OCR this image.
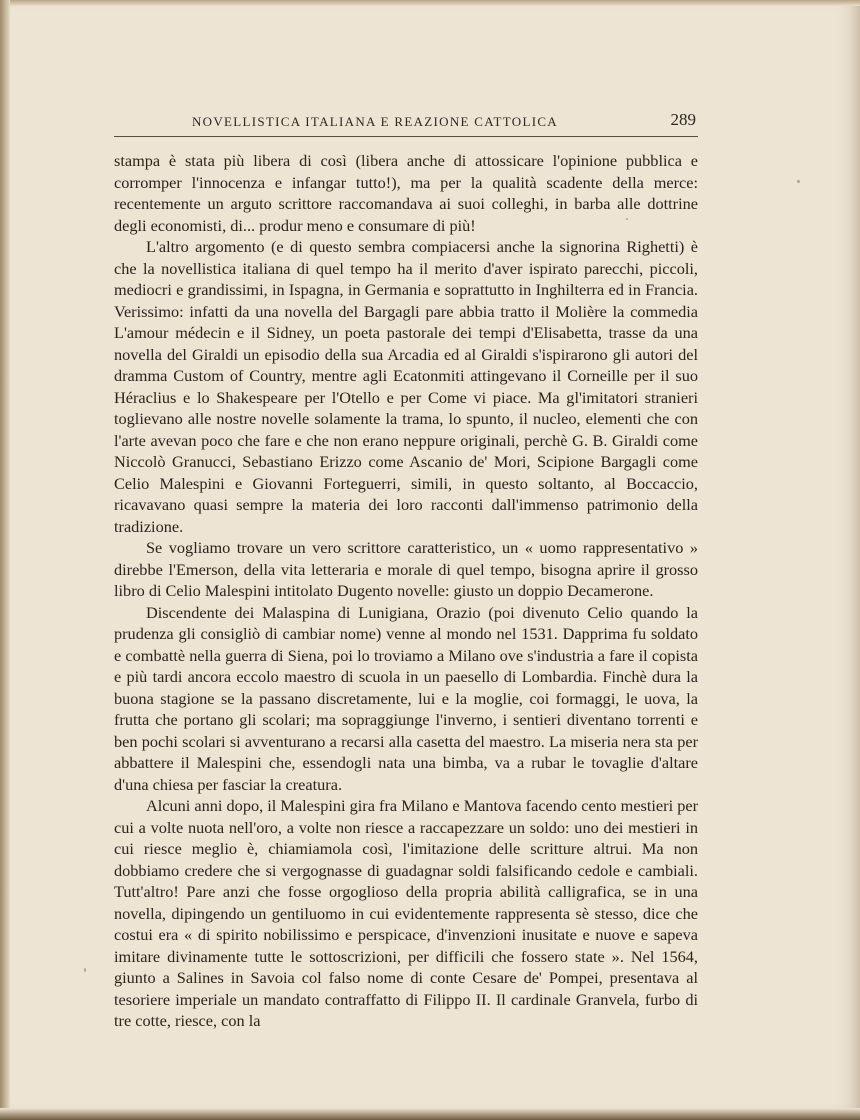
NOVELLISTICA ITALIANA E REAZIONE CATTOLICA	289

stampa è stata più libera di così (libera anche di attossicare l'opinione pubblica e corromper l'innocenza e infangar tutto!), ma per la qualità scadente della merce: recentemente un arguto scrittore raccomandava ai suoi colleghi, in barba alle dottrine degli economisti, di... produr meno e consumare di più!

L'altro argomento (e di questo sembra compiacersi anche la signorina Righetti) è che la novellistica italiana di quel tempo ha il merito d'aver ispirato parecchi, piccoli, mediocri e grandissimi, in Ispagna, in Germania e soprattutto in Inghilterra ed in Francia. Verissimo: infatti da una novella del Bargagli pare abbia tratto il Molière la commedia L'amour médecin e il Sidney, un poeta pastorale dei tempi d'Elisabetta, trasse da una novella del Giraldi un episodio della sua Arcadia ed al Giraldi s'ispirarono gli autori del dramma Custom of Country, mentre agli Ecatonmiti attingevano il Corneille per il suo Héraclius e lo Shakespeare per l'Otello e per Come vi piace. Ma gl'imitatori stranieri toglievano alle nostre novelle solamente la trama, lo spunto, il nucleo, elementi che con l'arte avevan poco che fare e che non erano neppure originali, perchè G. B. Giraldi come Niccolò Granucci, Sebastiano Erizzo come Ascanio de' Mori, Scipione Bargagli come Celio Malespini e Giovanni Forteguerri, simili, in questo soltanto, al Boccaccio, ricavavano quasi sempre la materia dei loro racconti dall'immenso patrimonio della tradizione.

Se vogliamo trovare un vero scrittore caratteristico, un « uomo rappresentativo » direbbe l'Emerson, della vita letteraria e morale di quel tempo, bisogna aprire il grosso libro di Celio Malespini intitolato Dugento novelle: giusto un doppio Decamerone.

Discendente dei Malaspina di Lunigiana, Orazio (poi divenuto Celio quando la prudenza gli consigliò di cambiar nome) venne al mondo nel 1531. Dapprima fu soldato e combattè nella guerra di Siena, poi lo troviamo a Milano ove s'industria a fare il copista e più tardi ancora eccolo maestro di scuola in un paesello di Lombardia. Finchè dura la buona stagione se la passano discretamente, lui e la moglie, coi formaggi, le uova, la frutta che portano gli scolari; ma sopraggiunge l'inverno, i sentieri diventano torrenti e ben pochi scolari si avventurano a recarsi alla casetta del maestro. La miseria nera sta per abbattere il Malespini che, essendogli nata una bimba, va a rubar le tovaglie d'altare d'una chiesa per fasciar la creatura.

Alcuni anni dopo, il Malespini gira fra Milano e Mantova facendo cento mestieri per cui a volte nuota nell'oro, a volte non riesce a raccapezzare un soldo: uno dei mestieri in cui riesce meglio è, chiamiamola così, l'imitazione delle scritture altrui. Ma non dobbiamo credere che si vergognasse di guadagnar soldi falsificando cedole e cambiali. Tutt'altro! Pare anzi che fosse orgoglioso della propria abilità calligrafica, se in una novella, dipingendo un gentiluomo in cui evidentemente rappresenta sè stesso, dice che costui era « di spirito nobilissimo e perspicace, d'invenzioni inusitate e nuove e sapeva imitare divinamente tutte le sottoscrizioni, per difficili che fossero state ». Nel 1564, giunto a Salines in Savoia col falso nome di conte Cesare de' Pompei, presentava al tesoriere imperiale un mandato contraffatto di Filippo II. Il cardinale Granvela, furbo di tre cotte, riesce, con la
